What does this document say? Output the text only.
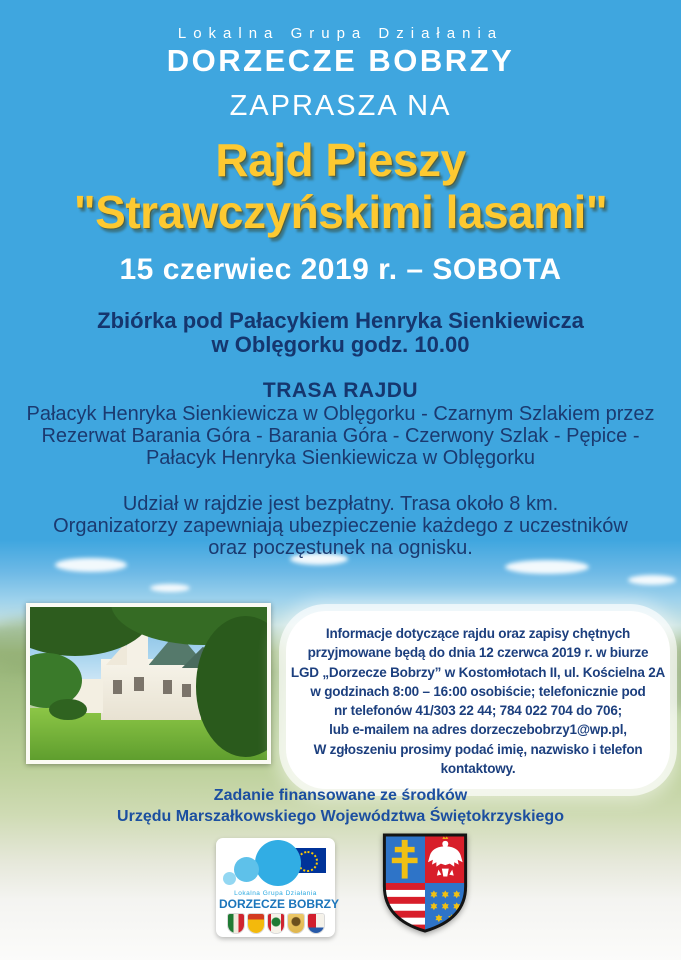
Lokalna Grupa Działania
DORZECZE BOBRZY
ZAPRASZA NA
Rajd Pieszy
"Strawczyńskimi lasami"
15 czerwiec 2019 r. – SOBOTA
Zbiórka pod Pałacykiem Henryka Sienkiewicza
w Oblęgorku godz. 10.00
TRASA RAJDU
Pałacyk Henryka Sienkiewicza w Oblęgorku - Czarnym Szlakiem przez
Rezerwat Barania Góra - Barania Góra - Czerwony Szlak - Pępice -
Pałacyk Henryka Sienkiewicza w Oblęgorku
Udział w rajdzie jest bezpłatny. Trasa około 8 km.
Organizatorzy zapewniają ubezpieczenie każdego z uczestników
oraz poczęstunek na ognisku.
Informacje dotyczące rajdu oraz zapisy chętnych
przyjmowane będą do dnia 12 czerwca 2019 r. w biurze
LGD „Dorzecze Bobrzy” w Kostomłotach II, ul. Kościelna 2A
w godzinach 8:00 – 16:00 osobiście; telefonicznie pod
nr telefonów 41/303 22 44; 784 022 704 do 706;
lub e-mailem na adres dorzeczebobrzy1@wp.pl,
W zgłoszeniu prosimy podać imię, nazwisko i telefon
kontaktowy.
Zadanie finansowane ze środków
Urzędu Marszałkowskiego Województwa Świętokrzyskiego
Lokalna Grupa Działania
DORZECZE BOBRZY
